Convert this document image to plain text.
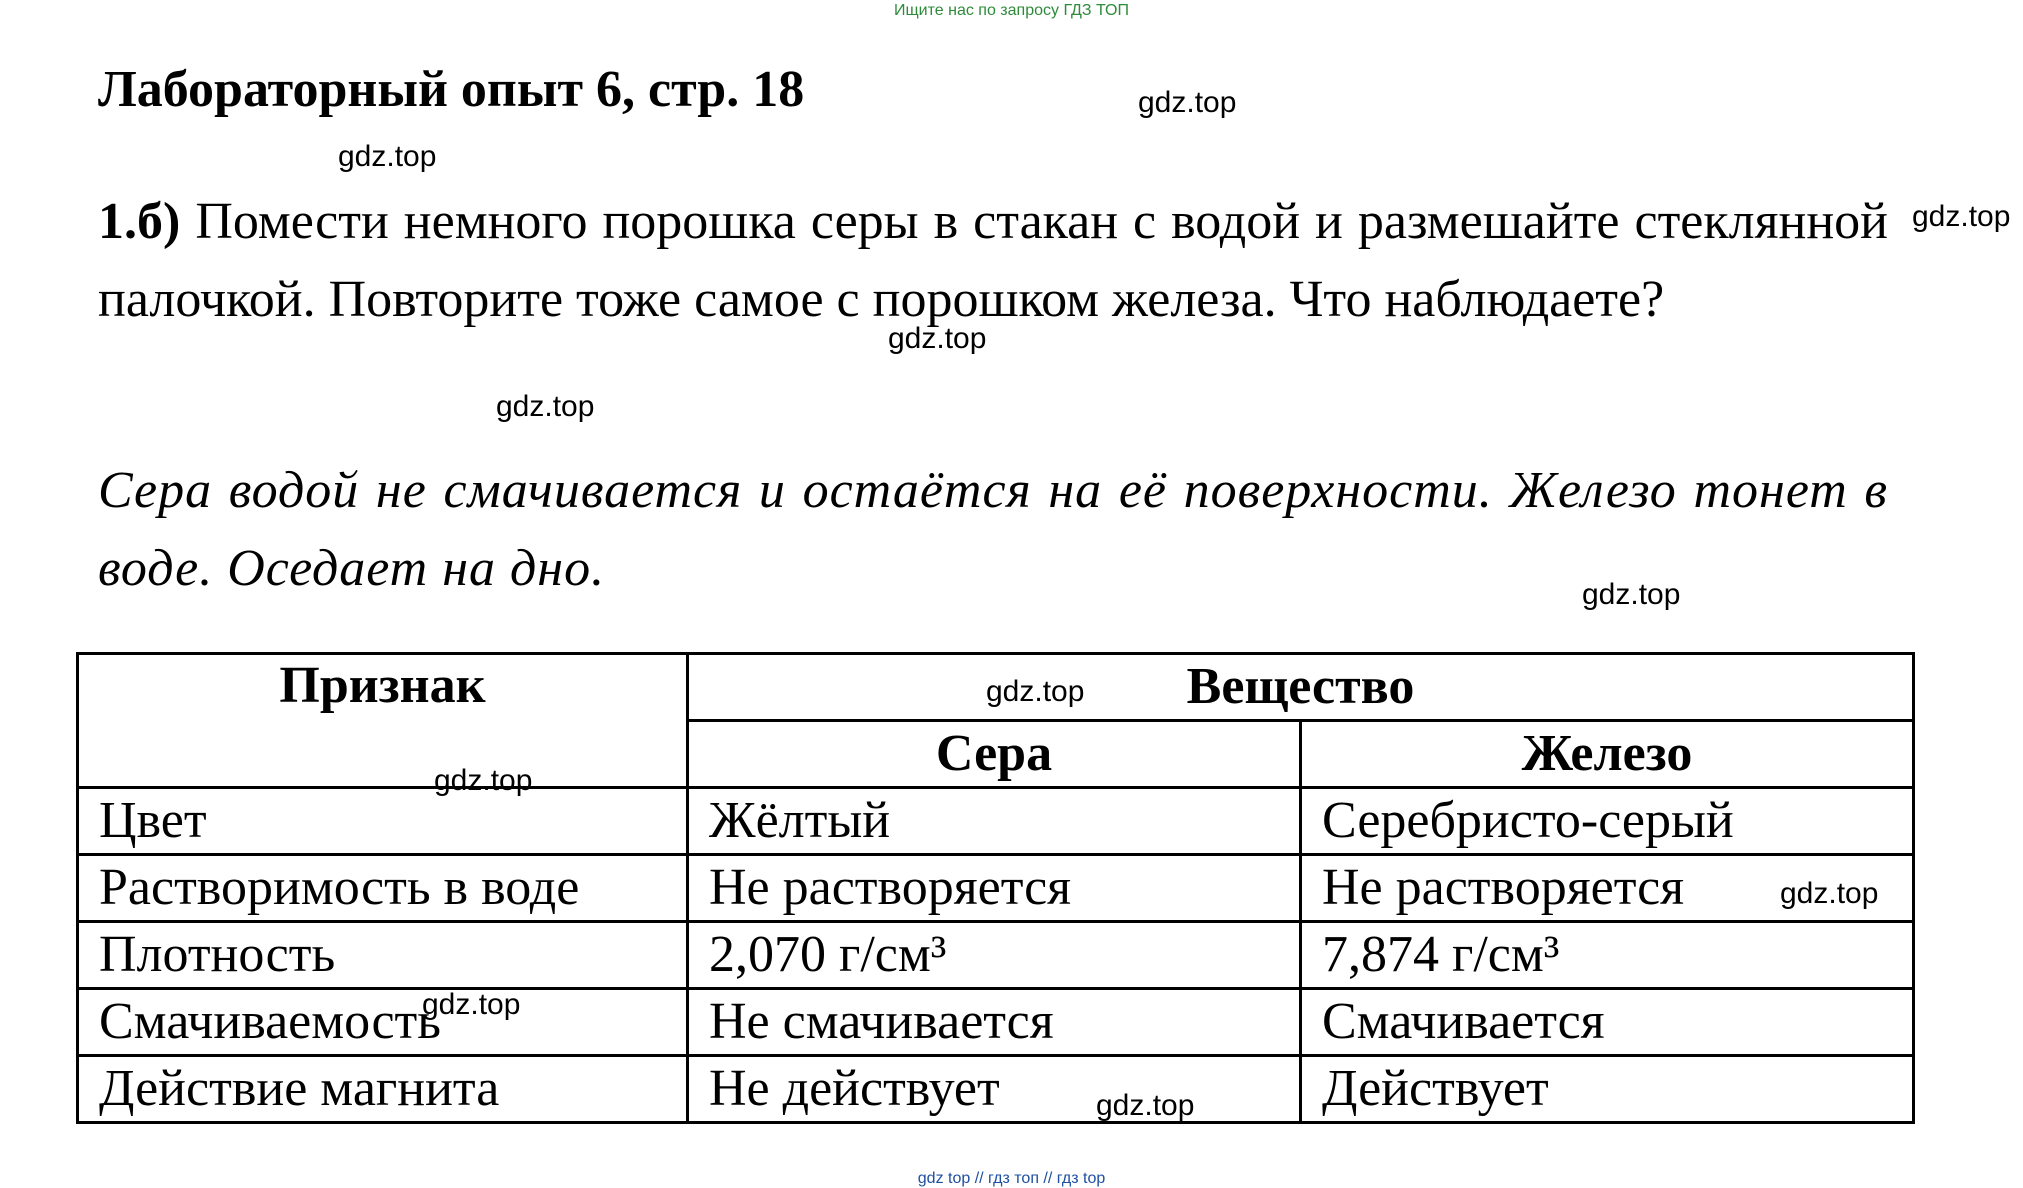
Ищите нас по запросу ГДЗ ТОП
Лабораторный опыт 6, стр. 18
1.б) Помести немного порошка серы в стакан с водой и размешайте стеклянной палочкой. Повторите тоже самое с порошком железа. Что наблюдаете?
Сера водой не смачивается и остаётся на её поверхности. Железо тонет в воде. Оседает на дно.
Признак	Вещество	
	Сера	Железо
Цвет	Жёлтый	Серебристо-серый
Растворимость в воде	Не растворяется	Не растворяется
Плотность	2,070 г/см³	7,874 г/см³
Смачиваемость	Не смачивается	Смачивается
Действие магнита	Не действует	Действует
gdz.top
gdz.top
gdz.top
gdz.top
gdz.top
gdz.top
gdz.top
gdz.top
gdz.top
gdz.top
gdz.top
gdz top // гдз топ // гдз top
